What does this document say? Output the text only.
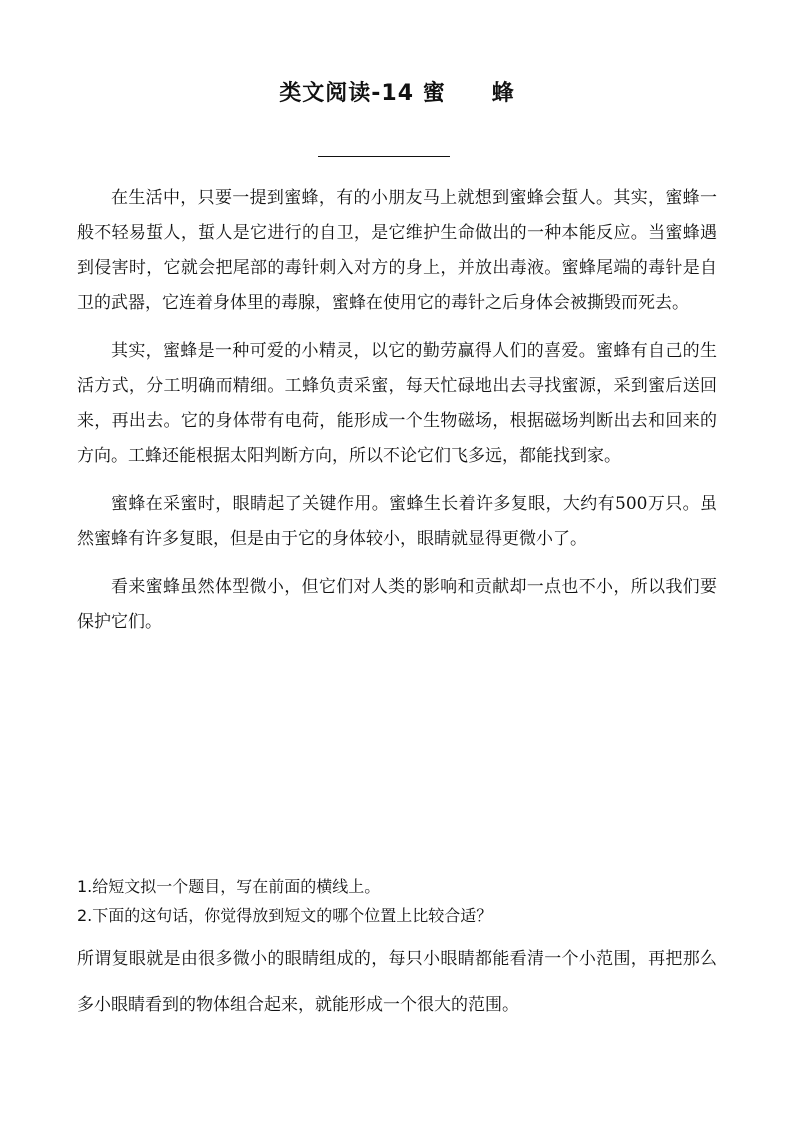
类文阅读-14 蜜　　蜂

在生活中，只要一提到蜜蜂，有的小朋友马上就想到蜜蜂会蜇人。其实，蜜蜂一般不轻易蜇人，蜇人是它进行的自卫，是它维护生命做出的一种本能反应。当蜜蜂遇到侵害时，它就会把尾部的毒针刺入对方的身上，并放出毒液。蜜蜂尾端的毒针是自卫的武器，它连着身体里的毒腺，蜜蜂在使用它的毒针之后身体会被撕毁而死去。

其实，蜜蜂是一种可爱的小精灵，以它的勤劳赢得人们的喜爱。蜜蜂有自己的生活方式，分工明确而精细。工蜂负责采蜜，每天忙碌地出去寻找蜜源，采到蜜后送回来，再出去。它的身体带有电荷，能形成一个生物磁场，根据磁场判断出去和回来的方向。工蜂还能根据太阳判断方向，所以不论它们飞多远，都能找到家。

蜜蜂在采蜜时，眼睛起了关键作用。蜜蜂生长着许多复眼，大约有500万只。虽然蜜蜂有许多复眼，但是由于它的身体较小，眼睛就显得更微小了。

看来蜜蜂虽然体型微小，但它们对人类的影响和贡献却一点也不小，所以我们要保护它们。

1.给短文拟一个题目，写在前面的横线上。

2.下面的这句话，你觉得放到短文的哪个位置上比较合适？

所谓复眼就是由很多微小的眼睛组成的，每只小眼睛都能看清一个小范围，再把那么多小眼睛看到的物体组合起来，就能形成一个很大的范围。
